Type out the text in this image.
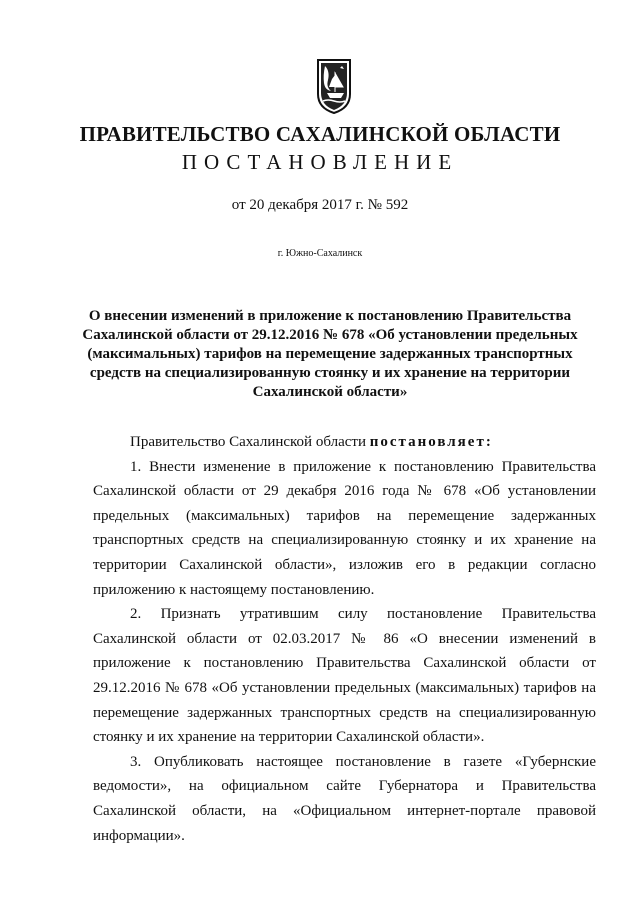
ПРАВИТЕЛЬСТВО САХАЛИНСКОЙ ОБЛАСТИ
ПОСТАНОВЛЕНИЕ
от 20 декабря 2017 г. № 592
г. Южно-Сахалинск
О внесении изменений в приложение к постановлению Правительства
Сахалинской области от 29.12.2016 № 678 «Об установлении предельных
(максимальных) тарифов на перемещение задержанных транспортных
средств на специализированную стоянку и их хранение на территории
Сахалинской области»

Правительство Сахалинской области постановляет:

1. Внести изменение в приложение к постановлению Правительства Сахалинской области от 29 декабря 2016 года № 678 «Об установлении предельных (максимальных) тарифов на перемещение задержанных транспортных средств на специализированную стоянку и их хранение на территории Сахалинской области», изложив его в редакции согласно приложению к настоящему постановлению.

2. Признать утратившим силу постановление Правительства Сахалинской области от 02.03.2017 № 86 «О внесении изменений в приложение к постановлению Правительства Сахалинской области от 29.12.2016 № 678 «Об установлении предельных (максимальных) тарифов на перемещение задержанных транспортных средств на специализированную стоянку и их хранение на территории Сахалинской области».

3. Опубликовать настоящее постановление в газете «Губернские ведомости», на официальном сайте Губернатора и Правительства Сахалинской области, на «Официальном интернет-портале правовой информации».
